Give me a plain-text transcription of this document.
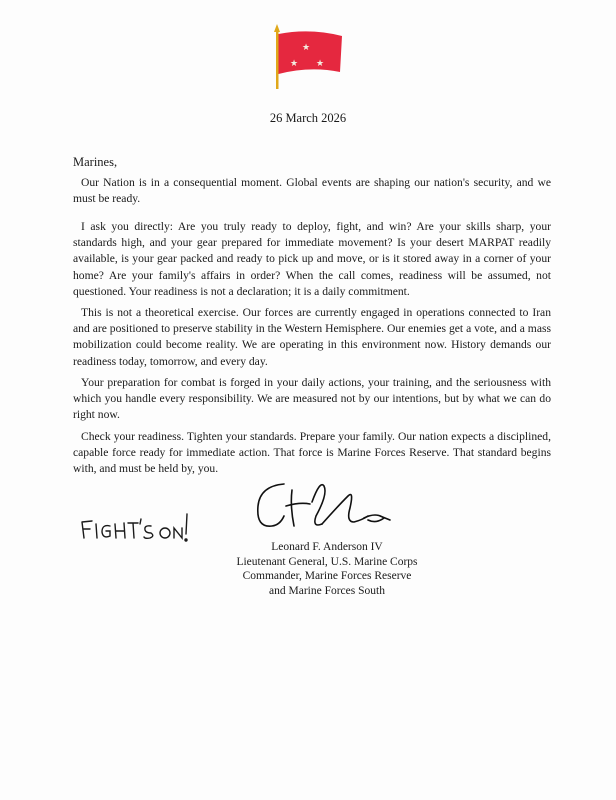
★
★ ★
26 March 2026
Marines,

Our Nation is in a consequential moment. Global events are shaping our nation's security, and we must be ready.

I ask you directly: Are you truly ready to deploy, fight, and win? Are your skills sharp, your standards high, and your gear prepared for immediate movement? Is your desert MARPAT readily available, is your gear packed and ready to pick up and move, or is it stored away in a corner of your home? Are your family's affairs in order? When the call comes, readiness will be assumed, not questioned. Your readiness is not a declaration; it is a daily commitment.

This is not a theoretical exercise. Our forces are currently engaged in operations connected to Iran and are positioned to preserve stability in the Western Hemisphere. Our enemies get a vote, and a mass mobilization could become reality. We are operating in this environment now. History demands our readiness today, tomorrow, and every day.

Your preparation for combat is forged in your daily actions, your training, and the seriousness with which you handle every responsibility. We are measured not by our intentions, but by what we can do right now.

Check your readiness. Tighten your standards. Prepare your family. Our nation expects a disciplined, capable force ready for immediate action. That force is Marine Forces Reserve. That standard begins with, and must be held by, you.

Leonard F. Anderson IV
Lieutenant General, U.S. Marine Corps
Commander, Marine Forces Reserve
and Marine Forces South
